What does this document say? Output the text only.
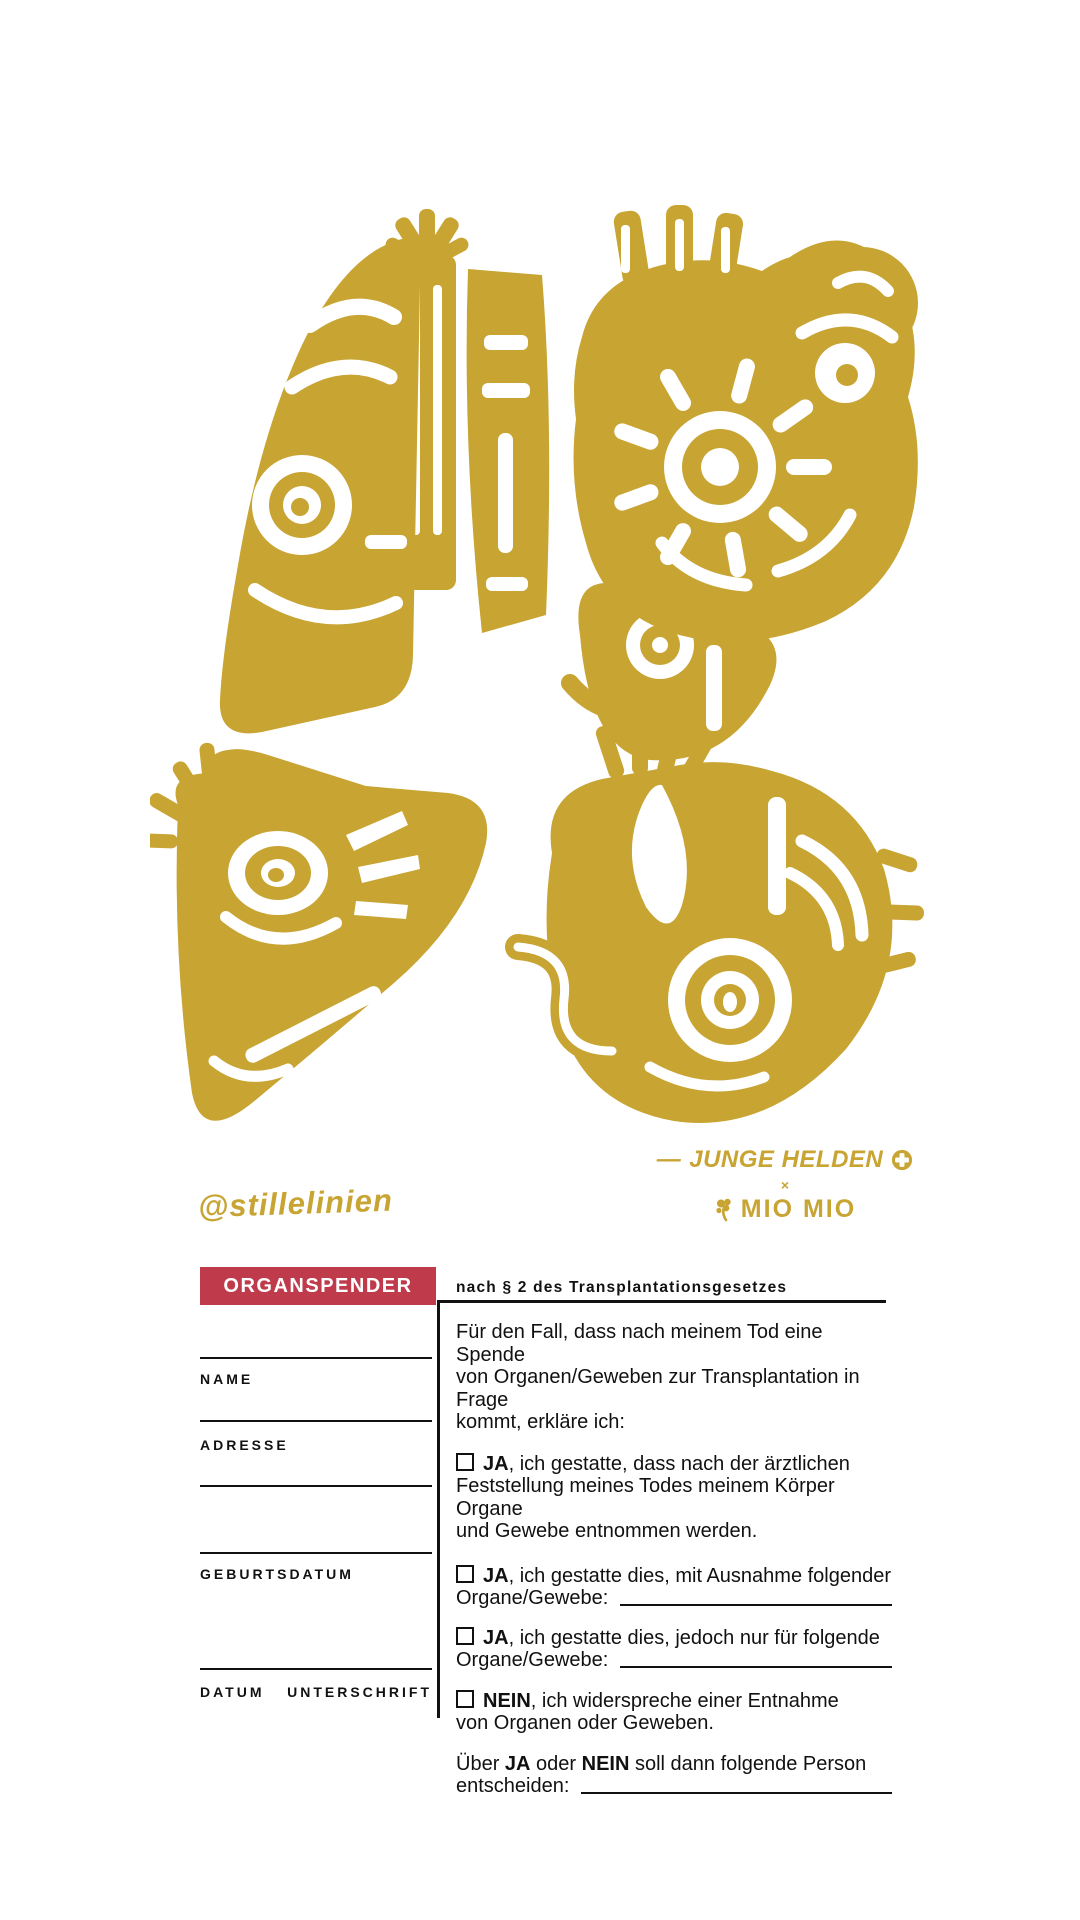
@stillelinien
— JUNGE HELDEN
×
MIO MIO
ORGANSPENDER	nach § 2 des Transplantationsgesetzes
NAME
ADRESSE
GEBURTSDATUM
DATUM UNTERSCHRIFT

Für den Fall, dass nach meinem Tod eine Spende
von Organen/Geweben zur Transplantation in Frage
kommt, erkläre ich:

JA, ich gestatte, dass nach der ärztlichen
Feststellung meines Todes meinem Körper Organe
und Gewebe entnommen werden.

JA, ich gestatte dies, mit Ausnahme folgender
Organe/Gewebe:

JA, ich gestatte dies, jedoch nur für folgende
Organe/Gewebe:

NEIN, ich widerspreche einer Entnahme
von Organen oder Geweben.

Über JA oder NEIN soll dann folgende Person
entscheiden:
